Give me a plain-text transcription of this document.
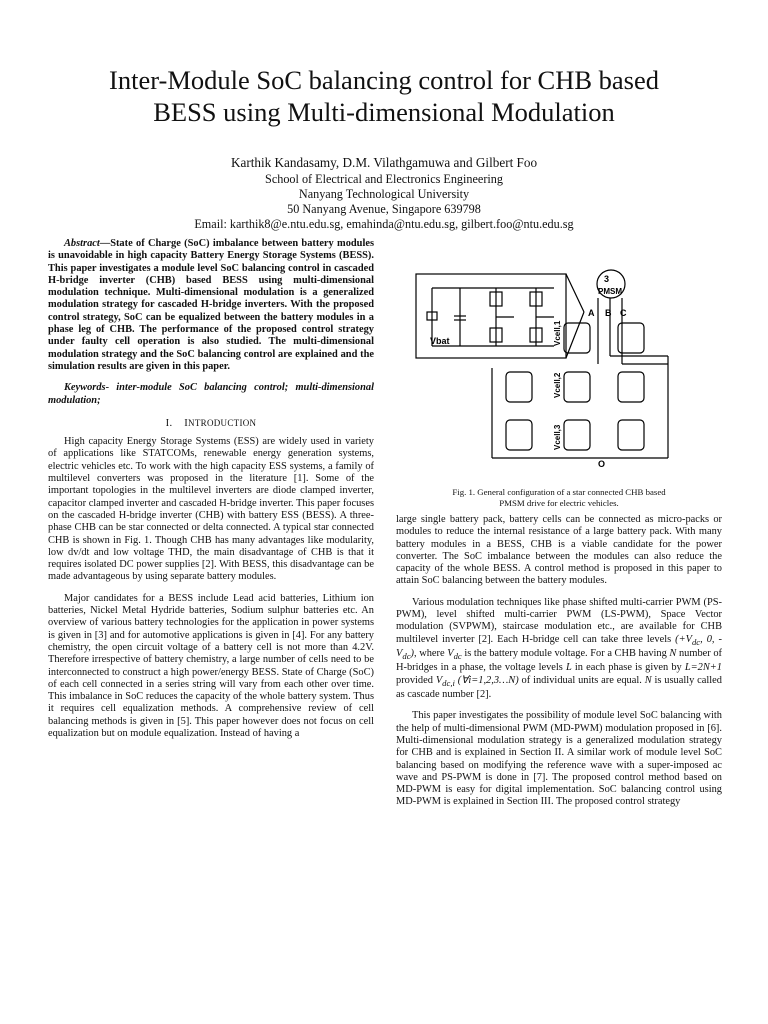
Inter-Module SoC balancing control for CHB based
BESS using Multi-dimensional Modulation
Karthik Kandasamy, D.M. Vilathgamuwa and Gilbert Foo
School of Electrical and Electronics Engineering
Nanyang Technological University
50 Nanyang Avenue, Singapore 639798
Email: karthik8@e.ntu.edu.sg, emahinda@ntu.edu.sg, gilbert.foo@ntu.edu.sg

Abstract—State of Charge (SoC) imbalance between battery modules is unavoidable in high capacity Battery Energy Storage Systems (BESS). This paper investigates a module level SoC balancing control in cascaded H-bridge inverter (CHB) based BESS using multi-dimensional modulation technique. Multi-dimensional modulation is a generalized modulation strategy for cascaded H-bridge inverters. With the proposed control strategy, SoC can be equalized between the battery modules in a phase leg of CHB. The performance of the proposed control strategy under faulty cell operation is also studied. The multi-dimensional modulation strategy and the SoC balancing control are explained and the simulation results are given in this paper.

Keywords- inter-module SoC balancing control; multi-dimensional modulation;

I. INTRODUCTION

High capacity Energy Storage Systems (ESS) are widely used in variety of applications like STATCOMs, renewable energy generation systems, electric vehicles etc. To work with the high capacity ESS systems, a family of multilevel converters was proposed in the literature [1]. Some of the important topologies in the multilevel inverters are diode clamped inverter, capacitor clamped inverter and cascaded H-bridge inverter. This paper focuses on the cascaded H-bridge inverter (CHB) with battery ESS (BESS). A three-phase CHB can be star connected or delta connected. A typical star connected CHB is shown in Fig. 1. Though CHB has many advantages like modularity, low dv/dt and low voltage THD, the main disadvantage of CHB is that it requires isolated DC power supplies [2]. With BESS, this disadvantage can be made advantageous by using separate battery modules.

Major candidates for a BESS include Lead acid batteries, Lithium ion batteries, Nickel Metal Hydride batteries, Sodium sulphur batteries etc. An overview of various battery technologies for the application in power systems is given in [3] and for automotive applications is given in [4]. For any battery chemistry, the open circuit voltage of a battery cell is not more than 4.2V. Therefore irrespective of battery chemistry, a large number of cells need to be interconnected to construct a high power/energy BESS. State of Charge (SoC) of each cell connected in a series string will vary from each other over time. This imbalance in SoC reduces the capacity of the whole battery system. Thus it requires cell equalization methods. A comprehensive review of cell balancing methods is given in [5]. This paper however does not focus on cell equalization but on module equalization. Instead of having a

3
PMSM
A B C
Vbat	Vcell,1
Vcell,2
Vcell,3
O
Fig. 1. General configuration of a star connected CHB based
PMSM drive for electric vehicles.

large single battery pack, battery cells can be connected as micro-packs or modules to reduce the internal resistance of a large battery pack. With many battery modules in a BESS, CHB is a viable candidate for the power converter. The SoC imbalance between the modules can also reduce the capacity of the whole BESS. A control method is proposed in this paper to attain SoC balancing between the battery modules.

Various modulation techniques like phase shifted multi-carrier PWM (PS-PWM), level shifted multi-carrier PWM (LS-PWM), Space Vector modulation (SVPWM), staircase modulation etc., are available for CHB multilevel inverter [2]. Each H-bridge cell can take three levels ($+V_{dc}$, 0, $-V_{dc}$), where $V_{dc}$ is the battery module voltage. For a CHB having N number of H-bridges in a phase, the voltage levels L in each phase is given by L=2N+1 provided $V_{dc,i}$ (∀i=1,2,3…N) of individual units are equal. N is usually called as cascade number [2].

This paper investigates the possibility of module level SoC balancing with the help of multi-dimensional PWM (MD-PWM) modulation proposed in [6]. Multi-dimensional modulation strategy is a generalized modulation strategy for CHB and is explained in Section II. A similar work of module level SoC balancing based on modifying the reference wave with a super-imposed ac wave and PS-PWM is done in [7]. The proposed control method based on MD-PWM is easy for digital implementation. SoC balancing control using MD-PWM is explained in Section III. The proposed control strategy
